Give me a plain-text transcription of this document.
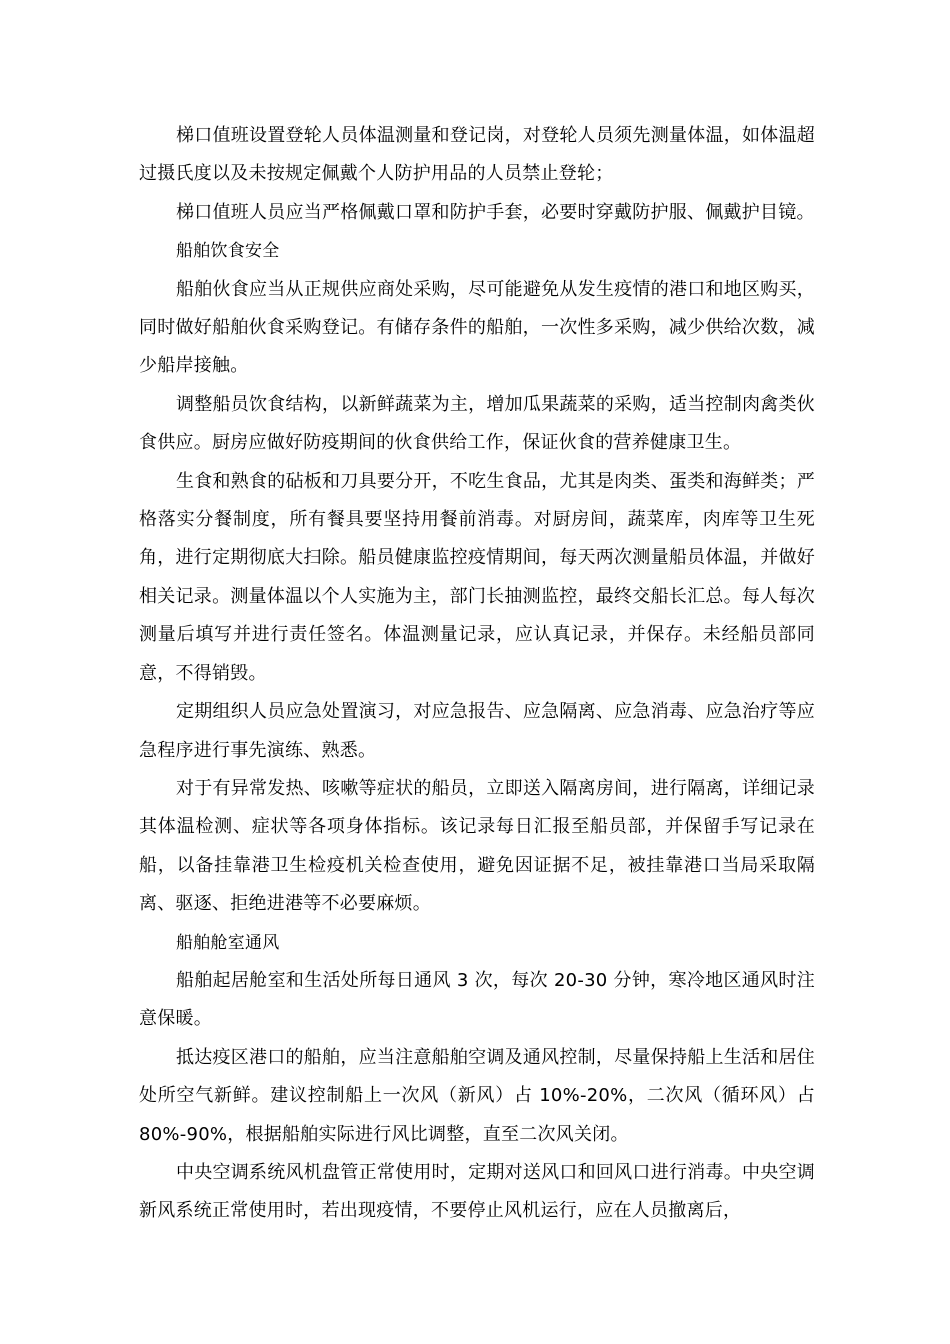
梯口值班设置登轮人员体温测量和登记岗，对登轮人员须先测量体温，如体温超过摄氏度以及未按规定佩戴个人防护用品的人员禁止登轮；

梯口值班人员应当严格佩戴口罩和防护手套，必要时穿戴防护服、佩戴护目镜。

船舶饮食安全

船舶伙食应当从正规供应商处采购，尽可能避免从发生疫情的港口和地区购买，同时做好船舶伙食采购登记。有储存条件的船舶，一次性多采购，减少供给次数，减少船岸接触。

调整船员饮食结构，以新鲜蔬菜为主，增加瓜果蔬菜的采购，适当控制肉禽类伙食供应。厨房应做好防疫期间的伙食供给工作，保证伙食的营养健康卫生。

生食和熟食的砧板和刀具要分开，不吃生食品，尤其是肉类、蛋类和海鲜类；严格落实分餐制度，所有餐具要坚持用餐前消毒。对厨房间，蔬菜库，肉库等卫生死角，进行定期彻底大扫除。船员健康监控疫情期间，每天两次测量船员体温，并做好相关记录。测量体温以个人实施为主，部门长抽测监控，最终交船长汇总。每人每次测量后填写并进行责任签名。体温测量记录，应认真记录，并保存。未经船员部同意，不得销毁。

定期组织人员应急处置演习，对应急报告、应急隔离、应急消毒、应急治疗等应急程序进行事先演练、熟悉。

对于有异常发热、咳嗽等症状的船员，立即送入隔离房间，进行隔离，详细记录其体温检测、症状等各项身体指标。该记录每日汇报至船员部，并保留手写记录在船，以备挂靠港卫生检疫机关检查使用，避免因证据不足，被挂靠港口当局采取隔离、驱逐、拒绝进港等不必要麻烦。

船舶舱室通风

船舶起居舱室和生活处所每日通风 3 次，每次 20-30 分钟，寒冷地区通风时注意保暖。

抵达疫区港口的船舶，应当注意船舶空调及通风控制，尽量保持船上生活和居住处所空气新鲜。建议控制船上一次风（新风）占 10%-20%，二次风（循环风）占 80%-90%，根据船舶实际进行风比调整，直至二次风关闭。

中央空调系统风机盘管正常使用时，定期对送风口和回风口进行消毒。中央空调新风系统正常使用时，若出现疫情，不要停止风机运行，应在人员撤离后，
